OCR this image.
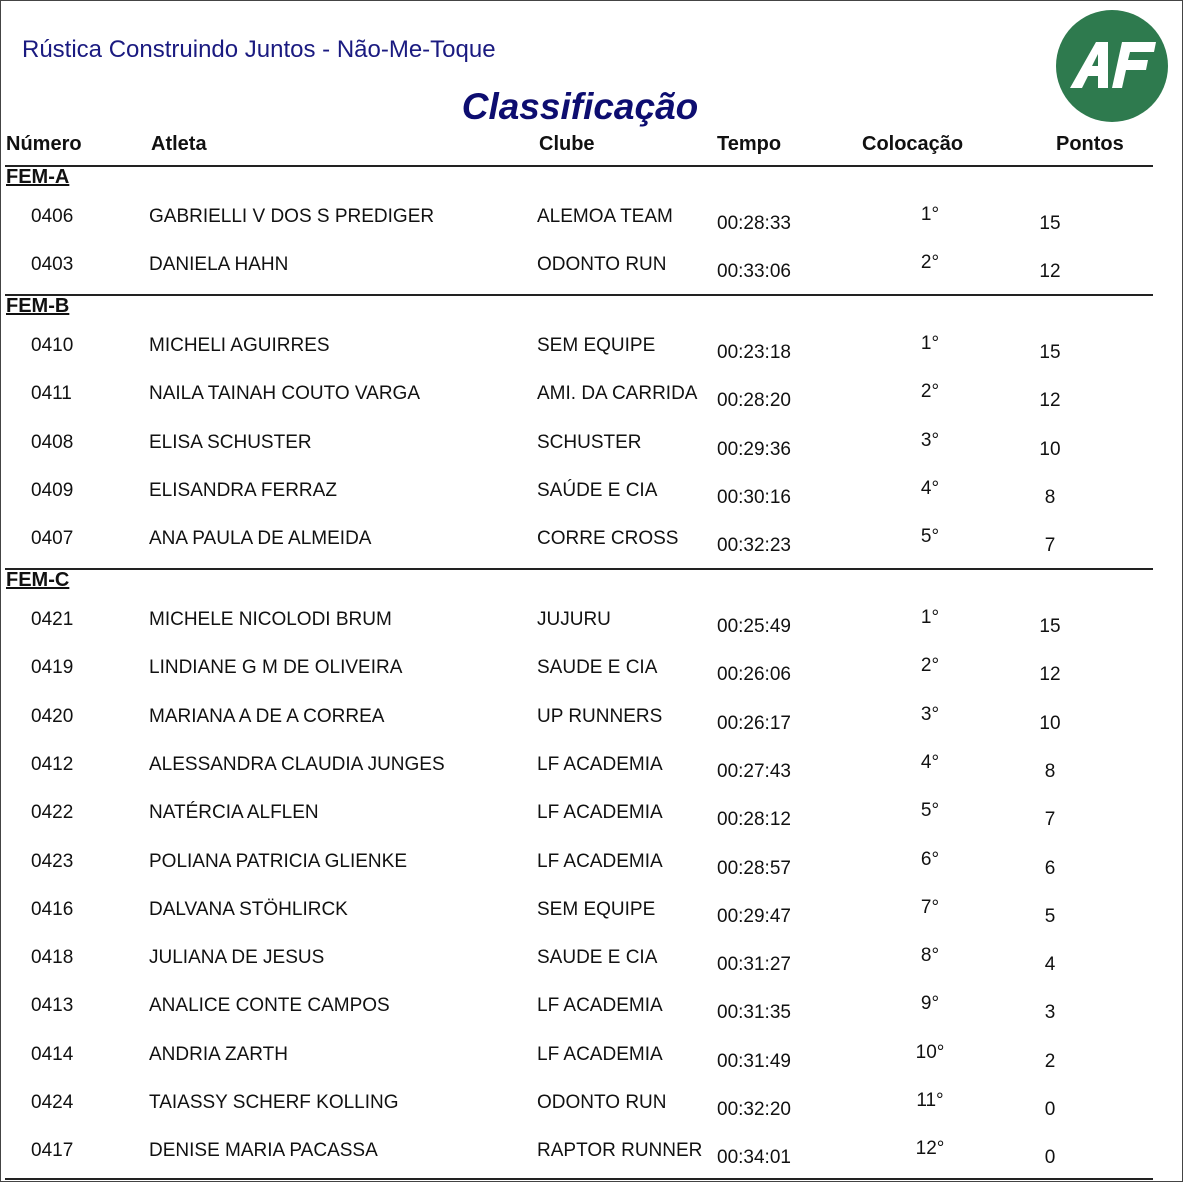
Rústica Construindo Juntos - Não-Me-Toque
Classificação
Número	Atleta	Clube	Tempo	Colocação	Pontos
FEM-A
0406	GABRIELLI V DOS S PREDIGER	ALEMOA TEAM 00:28:33	1°	15
0403	DANIELA HAHN	ODONTO RUN	00:33:06	2°	12
FEM-B
0410	MICHELI AGUIRRES	SEM EQUIPE	00:23:18	1°	15
0411	NAILA TAINAH COUTO VARGA	AMI. DA CARRIDA 00:28:20	2°	12
0408	ELISA SCHUSTER	SCHUSTER	00:29:36	3°	10
0409	ELISANDRA FERRAZ	SAÚDE E CIA	00:30:16	4°	8
0407	ANA PAULA DE ALMEIDA	CORRE CROSS 00:32:23	5°	7
FEM-C
0421	MICHELE NICOLODI BRUM	JUJURU	00:25:49	1°	15
0419	LINDIANE G M DE OLIVEIRA	SAUDE E CIA	00:26:06	2°	12
0420	MARIANA A DE A CORREA	UP RUNNERS	00:26:17	3°	10
0412	ALESSANDRA CLAUDIA JUNGES	LF ACADEMIA	00:27:43	4°	8
0422	NATÉRCIA ALFLEN	LF ACADEMIA	00:28:12	5°	7
0423	POLIANA PATRICIA GLIENKE	LF ACADEMIA	00:28:57	6°	6
0416	DALVANA STÖHLIRCK	SEM EQUIPE	00:29:47	7°	5
0418	JULIANA DE JESUS	SAUDE E CIA	00:31:27	8°	4
0413	ANALICE CONTE CAMPOS	LF ACADEMIA	00:31:35	9°	3
0414	ANDRIA ZARTH	LF ACADEMIA	00:31:49	10°	2
0424	TAIASSY SCHERF KOLLING	ODONTO RUN	00:32:20	11°	0
0417	DENISE MARIA PACASSA	RAPTOR RUNNER 00:34:01	12°	0
